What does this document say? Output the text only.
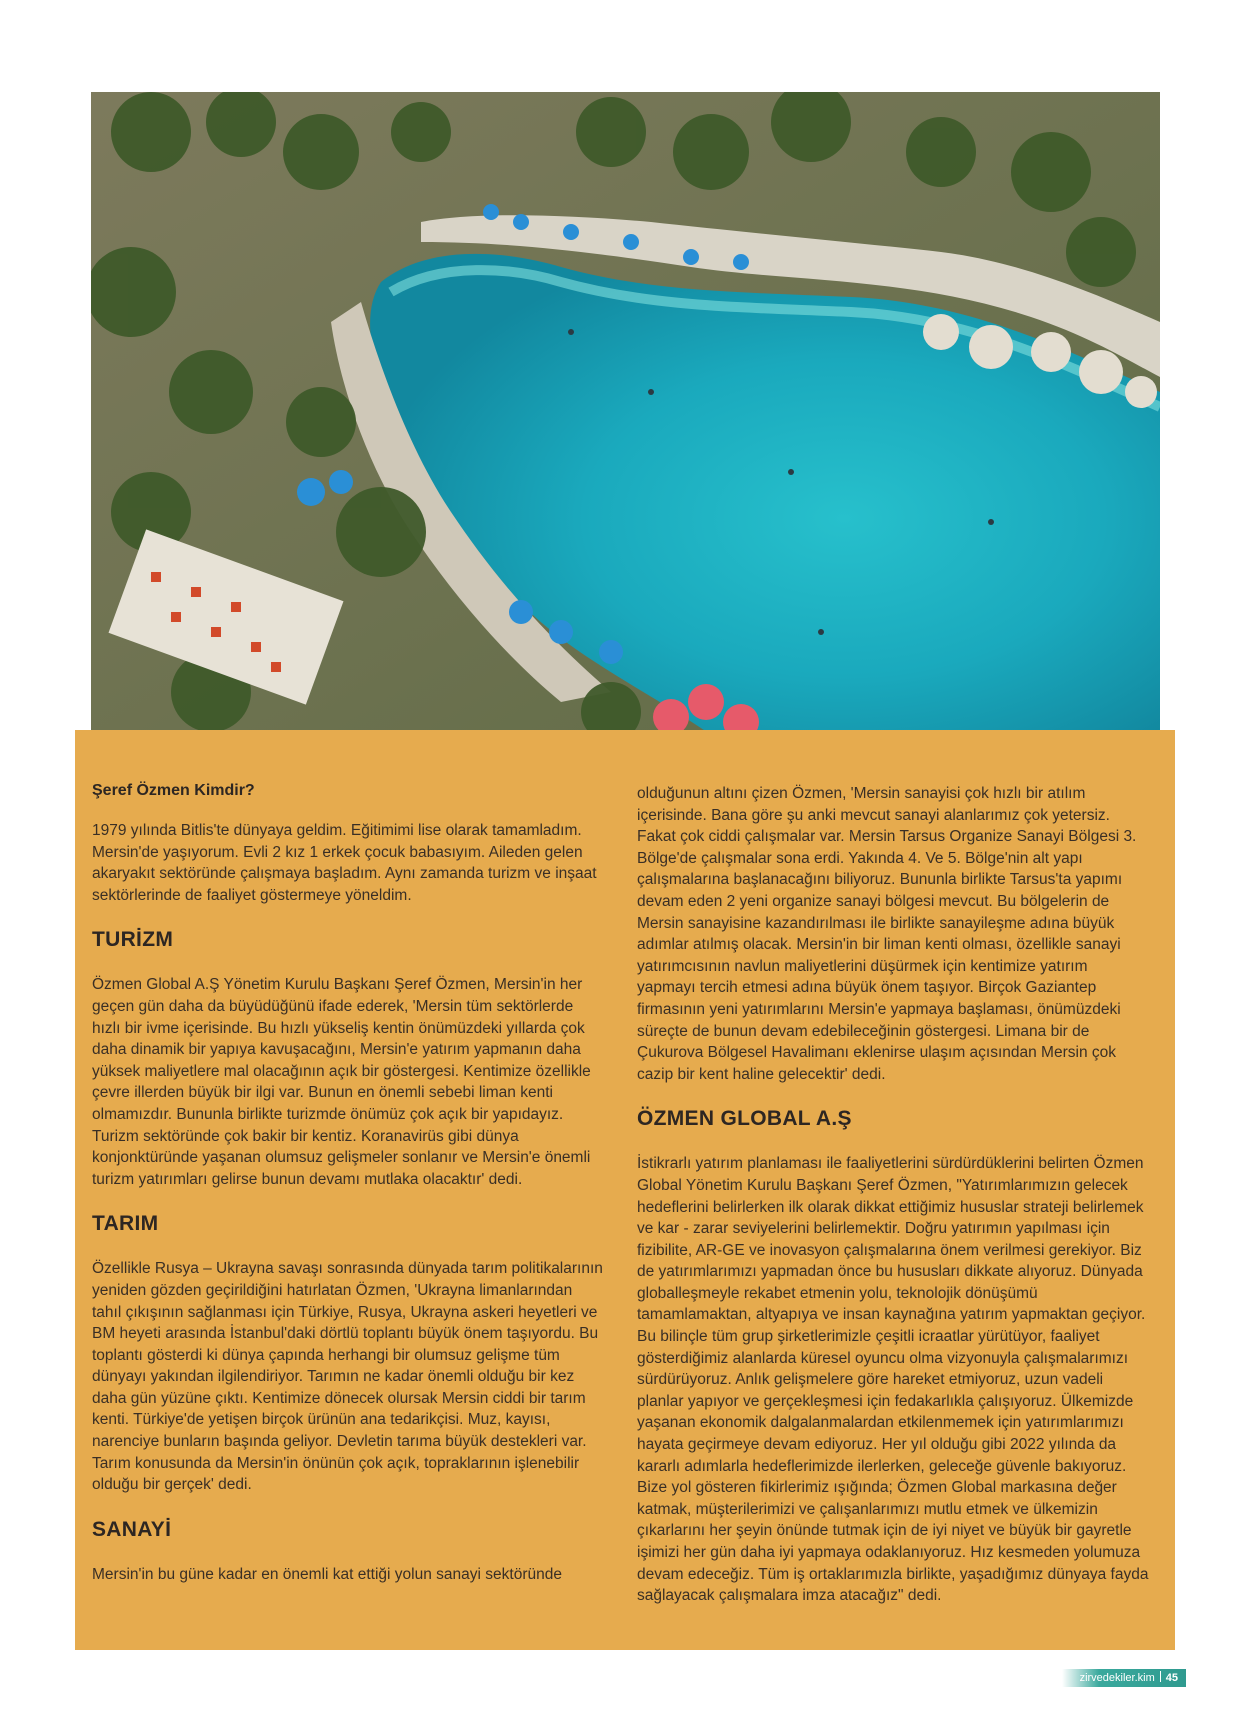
Şeref Özmen Kimdir?

1979 yılında Bitlis'te dünyaya geldim. Eğitimimi lise olarak tamamladım. Mersin'de yaşıyorum. Evli 2 kız 1 erkek çocuk babasıyım. Aileden gelen akaryakıt sektöründe çalışmaya başladım. Aynı zamanda turizm ve inşaat sektörlerinde de faaliyet göstermeye yöneldim.

TURİZM

Özmen Global A.Ş Yönetim Kurulu Başkanı Şeref Özmen, Mersin'in her geçen gün daha da büyüdüğünü ifade ederek, 'Mersin tüm sektörlerde hızlı bir ivme içerisinde. Bu hızlı yükseliş kentin önümüzdeki yıllarda çok daha dinamik bir yapıya kavuşacağını, Mersin'e yatırım yapmanın daha yüksek maliyetlere mal olacağının açık bir göstergesi. Kentimize özellikle çevre illerden büyük bir ilgi var. Bunun en önemli sebebi liman kenti olmamızdır. Bununla birlikte turizmde önümüz çok açık bir yapıdayız. Turizm sektöründe çok bakir bir kentiz. Koranavirüs gibi dünya konjonktüründe yaşanan olumsuz gelişmeler sonlanır ve Mersin'e önemli turizm yatırımları gelirse bunun devamı mutlaka olacaktır' dedi.

TARIM

Özellikle Rusya – Ukrayna savaşı sonrasında dünyada tarım politikalarının yeniden gözden geçirildiğini hatırlatan Özmen, 'Ukrayna limanlarından tahıl çıkışının sağlanması için Türkiye, Rusya, Ukrayna askeri heyetleri ve BM heyeti arasında İstanbul'daki dörtlü toplantı büyük önem taşıyordu. Bu toplantı gösterdi ki dünya çapında herhangi bir olumsuz gelişme tüm dünyayı yakından ilgilendiriyor. Tarımın ne kadar önemli olduğu bir kez daha gün yüzüne çıktı. Kentimize dönecek olursak Mersin ciddi bir tarım kenti. Türkiye'de yetişen birçok ürünün ana tedarikçisi. Muz, kayısı, narenciye bunların başında geliyor. Devletin tarıma büyük destekleri var. Tarım konusunda da Mersin'in önünün çok açık, topraklarının işlenebilir olduğu bir gerçek' dedi.

SANAYİ

Mersin'in bu güne kadar en önemli kat ettiği yolun sanayi sektöründe

olduğunun altını çizen Özmen, 'Mersin sanayisi çok hızlı bir atılım içerisinde. Bana göre şu anki mevcut sanayi alanlarımız çok yetersiz. Fakat çok ciddi çalışmalar var. Mersin Tarsus Organize Sanayi Bölgesi 3. Bölge'de çalışmalar sona erdi. Yakında 4. Ve 5. Bölge'nin alt yapı çalışmalarına başlanacağını biliyoruz. Bununla birlikte Tarsus'ta yapımı devam eden 2 yeni organize sanayi bölgesi mevcut. Bu bölgelerin de Mersin sanayisine kazandırılması ile birlikte sanayileşme adına büyük adımlar atılmış olacak. Mersin'in bir liman kenti olması, özellikle sanayi yatırımcısının navlun maliyetlerini düşürmek için kentimize yatırım yapmayı tercih etmesi adına büyük önem taşıyor. Birçok Gaziantep firmasının yeni yatırımlarını Mersin'e yapmaya başlaması, önümüzdeki süreçte de bunun devam edebileceğinin göstergesi. Limana bir de Çukurova Bölgesel Havalimanı eklenirse ulaşım açısından Mersin çok cazip bir kent haline gelecektir' dedi.

ÖZMEN GLOBAL A.Ş

İstikrarlı yatırım planlaması ile faaliyetlerini sürdürdüklerini belirten Özmen Global Yönetim Kurulu Başkanı Şeref Özmen, "Yatırımlarımızın gelecek hedeflerini belirlerken ilk olarak dikkat ettiğimiz hususlar strateji belirlemek ve kar - zarar seviyelerini belirlemektir. Doğru yatırımın yapılması için fizibilite, AR-GE ve inovasyon çalışmalarına önem verilmesi gerekiyor. Biz de yatırımlarımızı yapmadan önce bu hususları dikkate alıyoruz. Dünyada globalleşmeyle rekabet etmenin yolu, teknolojik dönüşümü tamamlamaktan, altyapıya ve insan kaynağına yatırım yapmaktan geçiyor. Bu bilinçle tüm grup şirketlerimizle çeşitli icraatlar yürütüyor, faaliyet gösterdiğimiz alanlarda küresel oyuncu olma vizyonuyla çalışmalarımızı sürdürüyoruz. Anlık gelişmelere göre hareket etmiyoruz, uzun vadeli planlar yapıyor ve gerçekleşmesi için fedakarlıkla çalışıyoruz. Ülkemizde yaşanan ekonomik dalgalanmalardan etkilenmemek için yatırımlarımızı hayata geçirmeye devam ediyoruz. Her yıl olduğu gibi 2022 yılında da kararlı adımlarla hedeflerimizde ilerlerken, geleceğe güvenle bakıyoruz. Bize yol gösteren fikirlerimiz ışığında; Özmen Global markasına değer katmak, müşterilerimizi ve çalışanlarımızı mutlu etmek ve ülkemizin çıkarlarını her şeyin önünde tutmak için de iyi niyet ve büyük bir gayretle işimizi her gün daha iyi yapmaya odaklanıyoruz. Hız kesmeden yolumuza devam edeceğiz. Tüm iş ortaklarımızla birlikte, yaşadığımız dünyaya fayda sağlayacak çalışmalara imza atacağız" dedi.

zirvedekiler.kim 45
